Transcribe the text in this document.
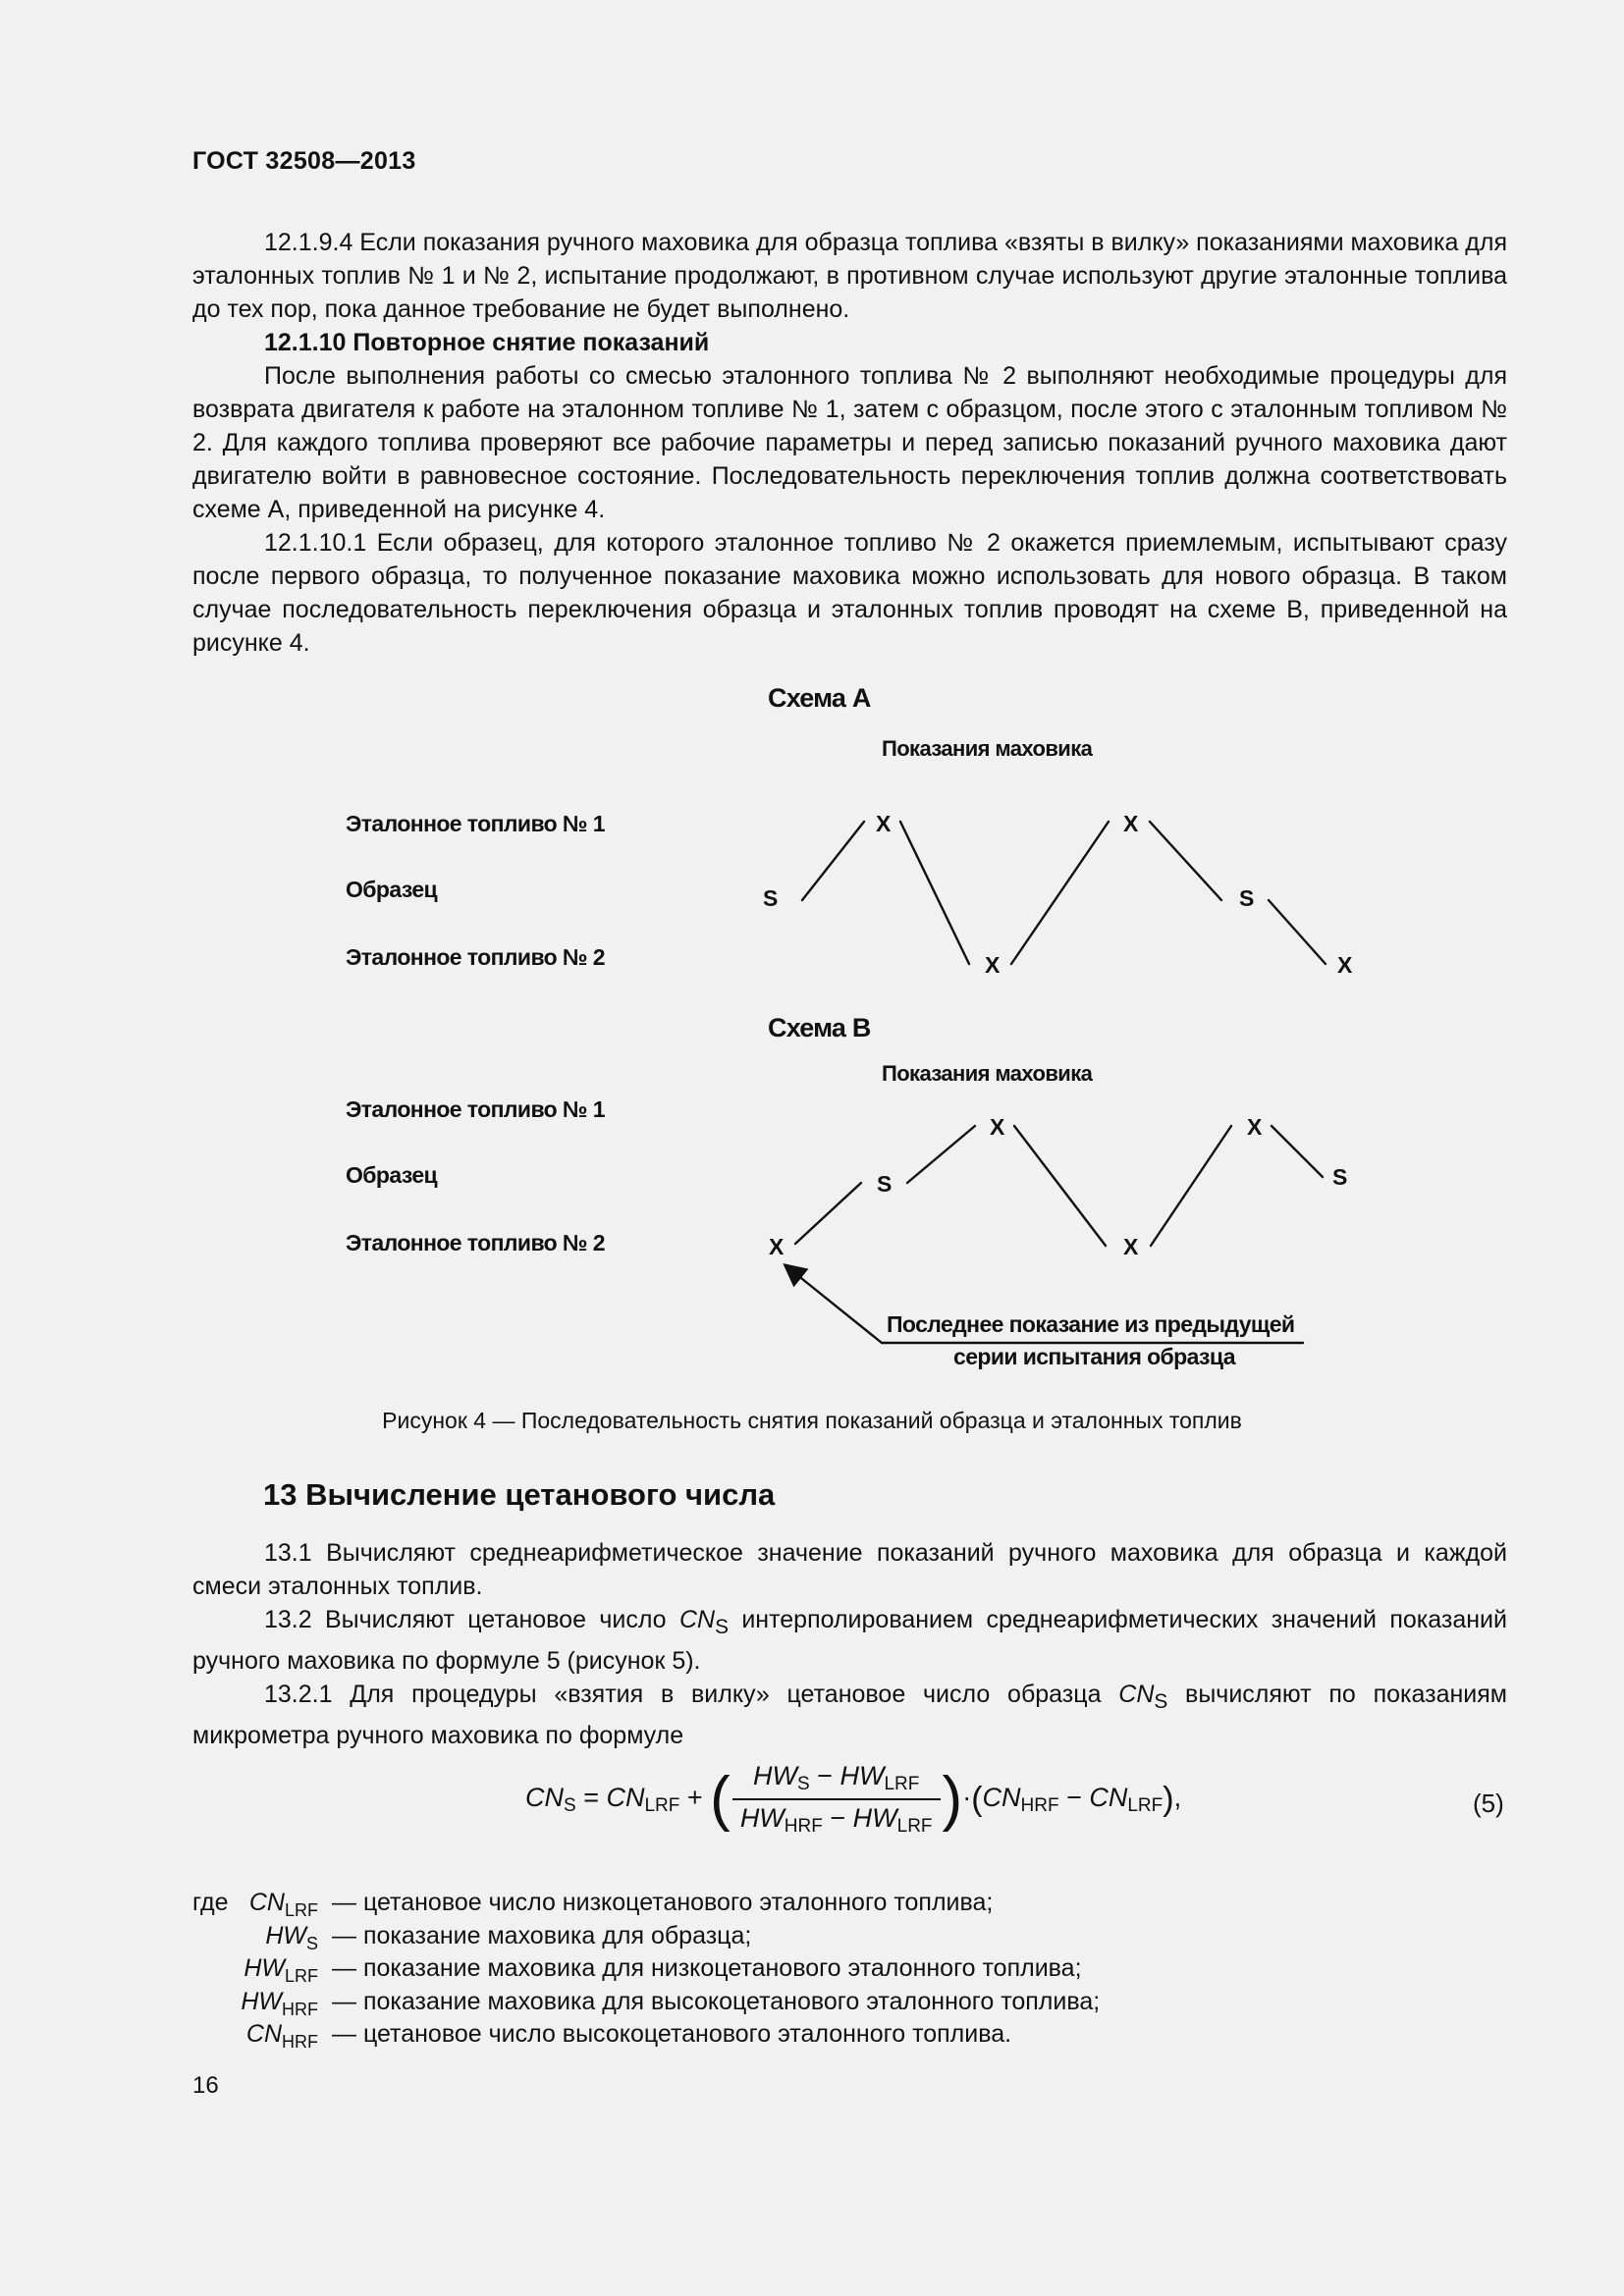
ГОСТ 32508—2013

12.1.9.4 Если показания ручного маховика для образца топлива «взяты в вилку» показаниями маховика для эталонных топлив № 1 и № 2, испытание продолжают, в противном случае используют другие эталонные топлива до тех пор, пока данное требование не будет выполнено.

12.1.10 Повторное снятие показаний

После выполнения работы со смесью эталонного топлива № 2 выполняют необходимые процедуры для возврата двигателя к работе на эталонном топливе № 1, затем с образцом, после этого с эталонным топливом № 2. Для каждого топлива проверяют все рабочие параметры и перед записью показаний ручного маховика дают двигателю войти в равновесное состояние. Последовательность переключения топлив должна соответствовать схеме А, приведенной на рисунке 4.

12.1.10.1 Если образец, для которого эталонное топливо № 2 окажется приемлемым, испытывают сразу после первого образца, то полученное показание маховика можно использовать для нового образца. В таком случае последовательность переключения образца и эталонных топлив проводят на схеме В, приведенной на рисунке 4.

Схема А
Показания маховика
Эталонное топливо № 1
Образец
Эталонное топливо № 2
S
X
X
X
S
X
Схема В
Показания маховика
Эталонное топливо № 1
Образец
Эталонное топливо № 2	X
S
X
X
X
S
Последнее показание из предыдущей
серии испытания образца
Рисунок 4 — Последовательность снятия показаний образца и эталонных топлив
13 Вычисление цетанового числа

13.1 Вычисляют среднеарифметическое значение показаний ручного маховика для образца и каждой смеси эталонных топлив.

13.2 Вычисляют цетановое число $CN_S$ интерполированием среднеарифметических значений показаний ручного маховика по формуле 5 (рисунок 5).

13.2.1 Для процедуры «взятия в вилку» цетановое число образца $CN_S$ вычисляют по показаниям микрометра ручного маховика по формуле

$CN_S = CN_{LRF}$ + ( $\frac{HW_S - HW_{LRF}}{HW_{HRF} - HW_{LRF}} )\cdot(CN_{HRF} - CN_{LRF})$,	(5)
где $CN_{LRF}$ — цетановое число низкоцетанового эталонного топлива;
$HW_S$ — показание маховика для образца;
$HW_{LRF}$ — показание маховика для низкоцетанового эталонного топлива;
$HW_{HRF}$ — показание маховика для высокоцетанового эталонного топлива;
$CN_{HRF}$ — цетановое число высокоцетанового эталонного топлива.
16
